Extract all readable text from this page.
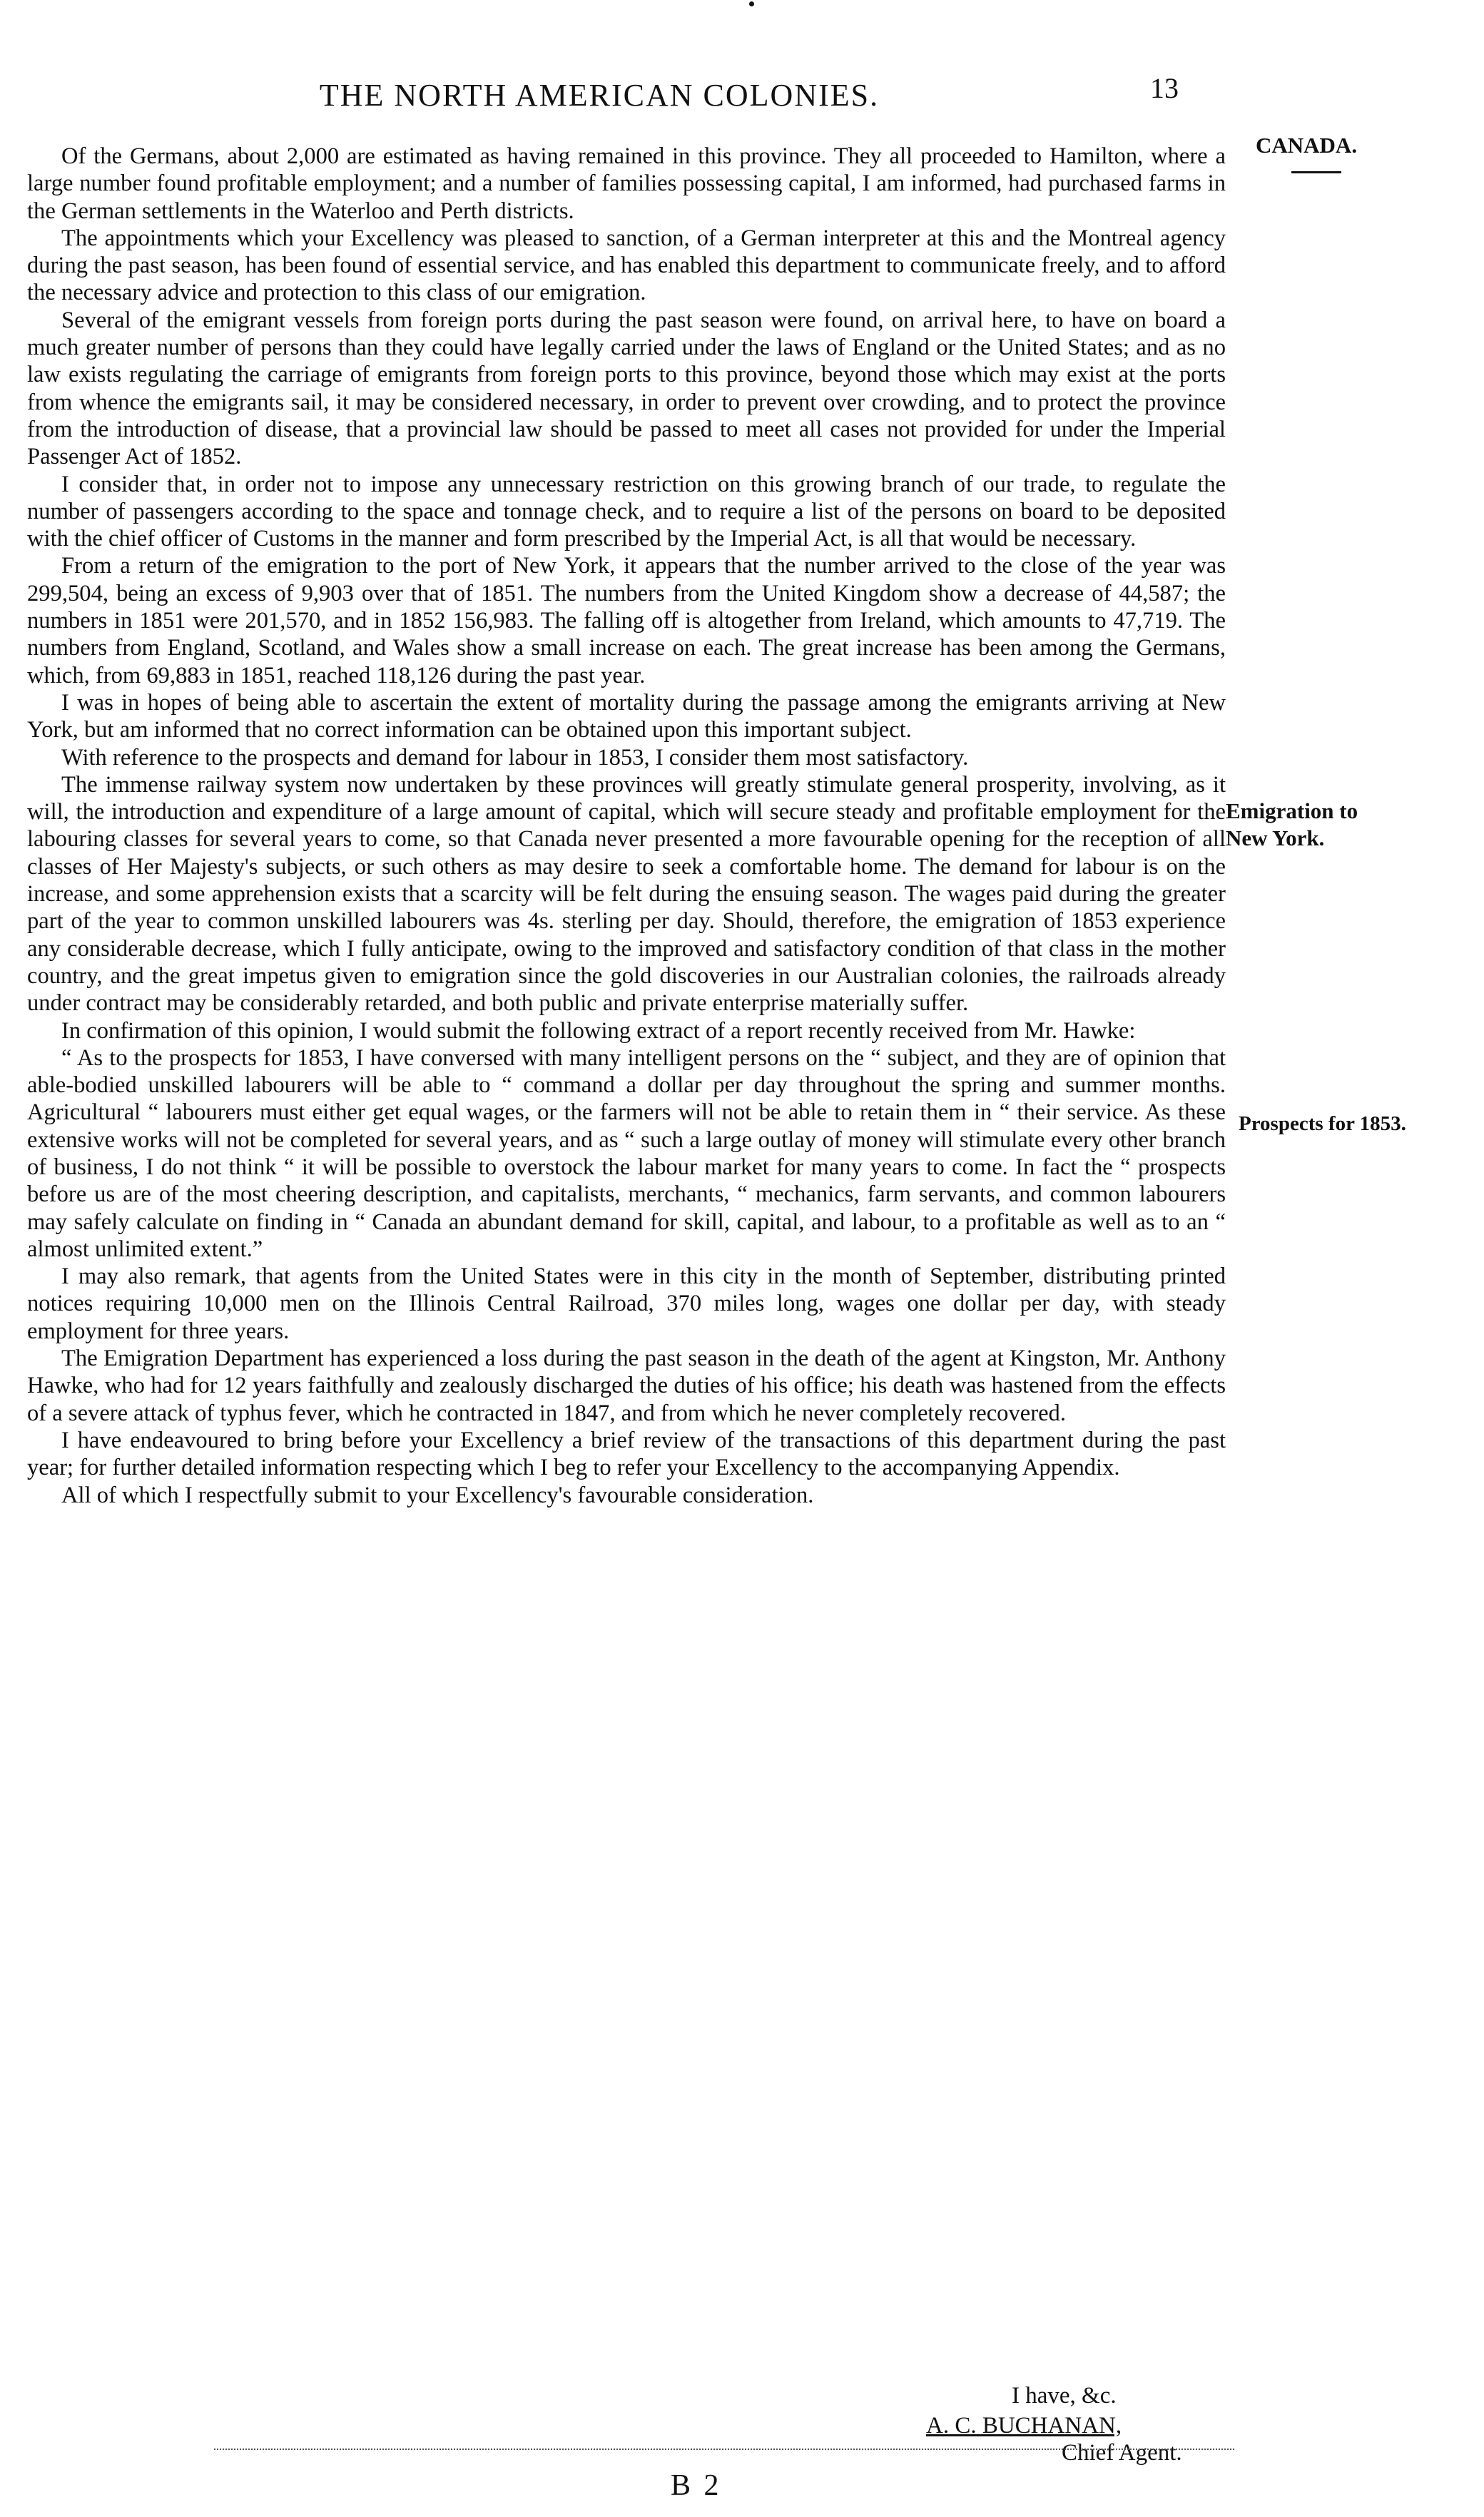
THE NORTH AMERICAN COLONIES.	13
CANADA.
Emigration to
New York.
Prospects for 1853.

Of the Germans, about 2,000 are estimated as having remained in this province. They all proceeded to Hamilton, where a large number found profitable employment; and a number of families possessing capital, I am informed, had purchased farms in the German settlements in the Waterloo and Perth districts.

The appointments which your Excellency was pleased to sanction, of a German interpreter at this and the Montreal agency during the past season, has been found of essential service, and has enabled this department to communicate freely, and to afford the necessary advice and protection to this class of our emigration.

Several of the emigrant vessels from foreign ports during the past season were found, on arrival here, to have on board a much greater number of persons than they could have legally carried under the laws of England or the United States; and as no law exists regulating the carriage of emigrants from foreign ports to this province, beyond those which may exist at the ports from whence the emigrants sail, it may be considered necessary, in order to prevent over crowding, and to protect the province from the introduction of disease, that a provincial law should be passed to meet all cases not provided for under the Imperial Passenger Act of 1852.

I consider that, in order not to impose any unnecessary restriction on this growing branch of our trade, to regulate the number of passengers according to the space and tonnage check, and to require a list of the persons on board to be deposited with the chief officer of Customs in the manner and form prescribed by the Imperial Act, is all that would be necessary.

From a return of the emigration to the port of New York, it appears that the number arrived to the close of the year was 299,504, being an excess of 9,903 over that of 1851. The numbers from the United Kingdom show a decrease of 44,587; the numbers in 1851 were 201,570, and in 1852 156,983. The falling off is altogether from Ireland, which amounts to 47,719. The numbers from England, Scotland, and Wales show a small increase on each. The great increase has been among the Germans, which, from 69,883 in 1851, reached 118,126 during the past year.

I was in hopes of being able to ascertain the extent of mortality during the passage among the emigrants arriving at New York, but am informed that no correct information can be obtained upon this important subject.

With reference to the prospects and demand for labour in 1853, I consider them most satisfactory.

The immense railway system now undertaken by these provinces will greatly stimulate general prosperity, involving, as it will, the introduction and expenditure of a large amount of capital, which will secure steady and profitable employment for the labouring classes for several years to come, so that Canada never presented a more favourable opening for the reception of all classes of Her Majesty's subjects, or such others as may desire to seek a comfortable home. The demand for labour is on the increase, and some apprehension exists that a scarcity will be felt during the ensuing season. The wages paid during the greater part of the year to common unskilled labourers was 4s. sterling per day. Should, therefore, the emigration of 1853 experience any considerable decrease, which I fully anticipate, owing to the improved and satisfactory condition of that class in the mother country, and the great impetus given to emigration since the gold discoveries in our Australian colonies, the railroads already under contract may be considerably retarded, and both public and private enterprise materially suffer.

In confirmation of this opinion, I would submit the following extract of a report recently received from Mr. Hawke:

“ As to the prospects for 1853, I have conversed with many intelligent persons on the “ subject, and they are of opinion that able-bodied unskilled labourers will be able to “ command a dollar per day throughout the spring and summer months. Agricultural “ labourers must either get equal wages, or the farmers will not be able to retain them in “ their service. As these extensive works will not be completed for several years, and as “ such a large outlay of money will stimulate every other branch of business, I do not think “ it will be possible to overstock the labour market for many years to come. In fact the “ prospects before us are of the most cheering description, and capitalists, merchants, “ mechanics, farm servants, and common labourers may safely calculate on finding in “ Canada an abundant demand for skill, capital, and labour, to a profitable as well as to an “ almost unlimited extent.”

I may also remark, that agents from the United States were in this city in the month of September, distributing printed notices requiring 10,000 men on the Illinois Central Railroad, 370 miles long, wages one dollar per day, with steady employment for three years.

The Emigration Department has experienced a loss during the past season in the death of the agent at Kingston, Mr. Anthony Hawke, who had for 12 years faithfully and zealously discharged the duties of his office; his death was hastened from the effects of a severe attack of typhus fever, which he contracted in 1847, and from which he never completely recovered.

I have endeavoured to bring before your Excellency a brief review of the transactions of this department during the past year; for further detailed information respecting which I beg to refer your Excellency to the accompanying Appendix.

All of which I respectfully submit to your Excellency's favourable consideration.

I have, &c.
A. C. BUCHANAN,
Chief Agent.
B 2
